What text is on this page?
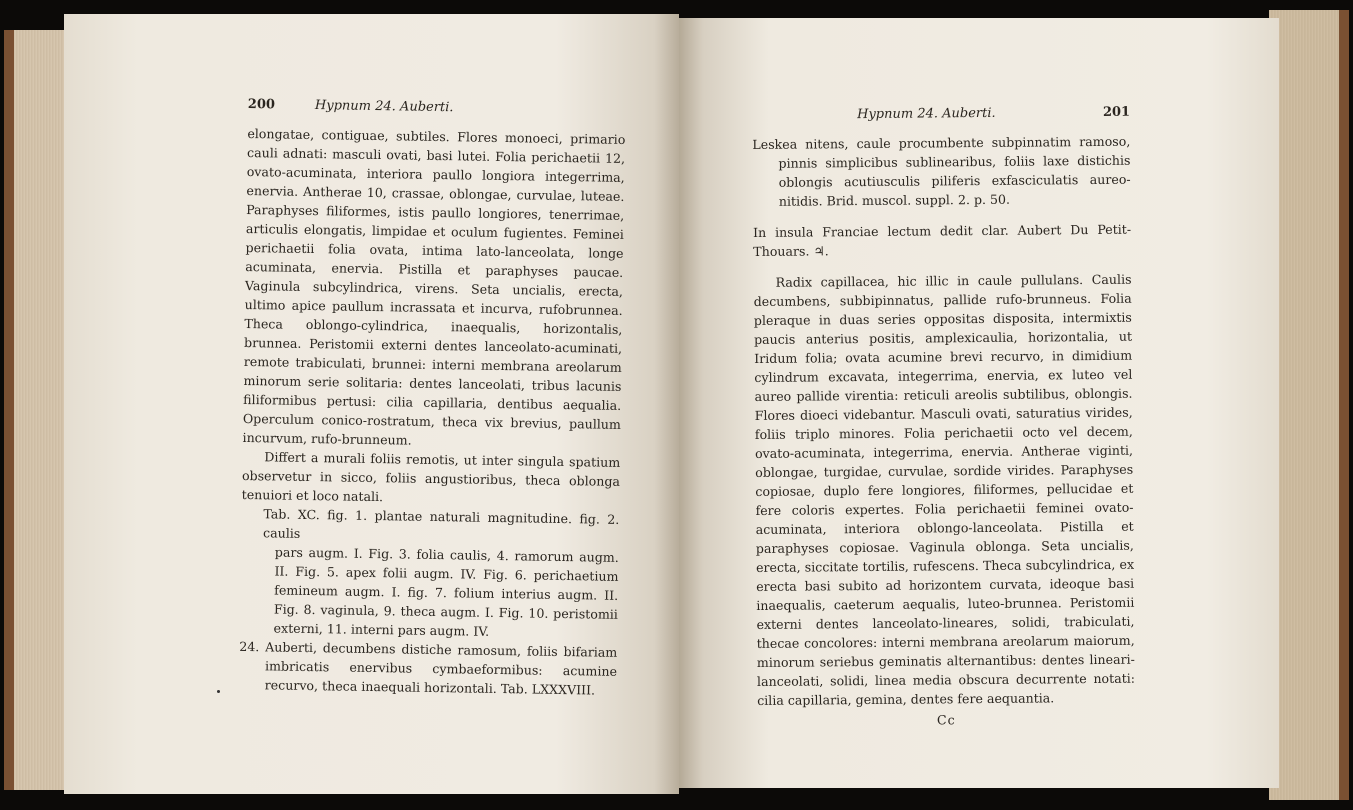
200	Hypnum 24. Auberti.

elongatae, contiguae, subtiles. Flores monoeci, primario cauli adnati: masculi ovati, basi lutei. Folia perichaetii 12, ovato-acuminata, interiora paullo longiora integerrima, enervia. Antherae 10, crassae, oblongae, curvulae, luteae. Paraphyses filiformes, istis paullo longiores, tenerrimae, articulis elongatis, limpidae et oculum fugientes. Feminei perichaetii folia ovata, intima lato-lanceolata, longe acuminata, enervia. Pistilla et paraphyses paucae. Vaginula subcylindrica, virens. Seta uncialis, erecta, ultimo apice paullum incrassata et incurva, rufobrunnea. Theca oblongo-cylindrica, inaequalis, horizontalis, brunnea. Peristomii externi dentes lanceolato-acuminati, remote trabiculati, brunnei: interni membrana areolarum minorum serie solitaria: dentes lanceolati, tribus lacunis filiformibus pertusi: cilia capillaria, dentibus aequalia. Operculum conico-rostratum, theca vix brevius, paullum incurvum, rufo-brunneum.

Differt a murali foliis remotis, ut inter singula spatium observetur in sicco, foliis angustioribus, theca oblonga tenuiori et loco natali.

Tab. XC. fig. 1. plantae naturali magnitudine. fig. 2. caulis
pars augm. I. Fig. 3. folia caulis, 4. ramorum augm. II. Fig. 5. apex folii augm. IV. Fig. 6. perichaetium femineum augm. I. fig. 7. folium interius augm. II. Fig. 8. vaginula, 9. theca augm. I. Fig. 10. peristomii externi, 11. interni pars augm. IV.

24. Auberti, decumbens distiche ramosum, foliis bifariam imbricatis enervibus cymbaeformibus: acumine recurvo, theca inaequali horizontali. Tab. LXXXVIII.

Hypnum 24. Auberti.	201

Leskea nitens, caule procumbente subpinnatim ramoso, pinnis simplicibus sublinearibus, foliis laxe distichis oblongis acutiusculis piliferis exfasciculatis aureo-nitidis. Brid. muscol. suppl. 2. p. 50.

In insula Franciae lectum dedit clar. Aubert Du Petit-Thouars. ♃.

Radix capillacea, hic illic in caule pullulans. Caulis decumbens, subbipinnatus, pallide rufo-brunneus. Folia pleraque in duas series oppositas disposita, intermixtis paucis anterius positis, amplexicaulia, horizontalia, ut Iridum folia; ovata acumine brevi recurvo, in dimidium cylindrum excavata, integerrima, enervia, ex luteo vel aureo pallide virentia: reticuli areolis subtilibus, oblongis. Flores dioeci videbantur. Masculi ovati, saturatius virides, foliis triplo minores. Folia perichaetii octo vel decem, ovato-acuminata, integerrima, enervia. Antherae viginti, oblongae, turgidae, curvulae, sordide virides. Paraphyses copiosae, duplo fere longiores, filiformes, pellucidae et fere coloris expertes. Folia perichaetii feminei ovato-acuminata, interiora oblongo-lanceolata. Pistilla et paraphyses copiosae. Vaginula oblonga. Seta uncialis, erecta, siccitate tortilis, rufescens. Theca subcylindrica, ex erecta basi subito ad horizontem curvata, ideoque basi inaequalis, caeterum aequalis, luteo-brunnea. Peristomii externi dentes lanceolato-lineares, solidi, trabiculati, thecae concolores: interni membrana areolarum maiorum, minorum seriebus geminatis alternantibus: dentes lineari-lanceolati, solidi, linea media obscura decurrente notati: cilia capillaria, gemina, dentes fere aequantia.

Cc
